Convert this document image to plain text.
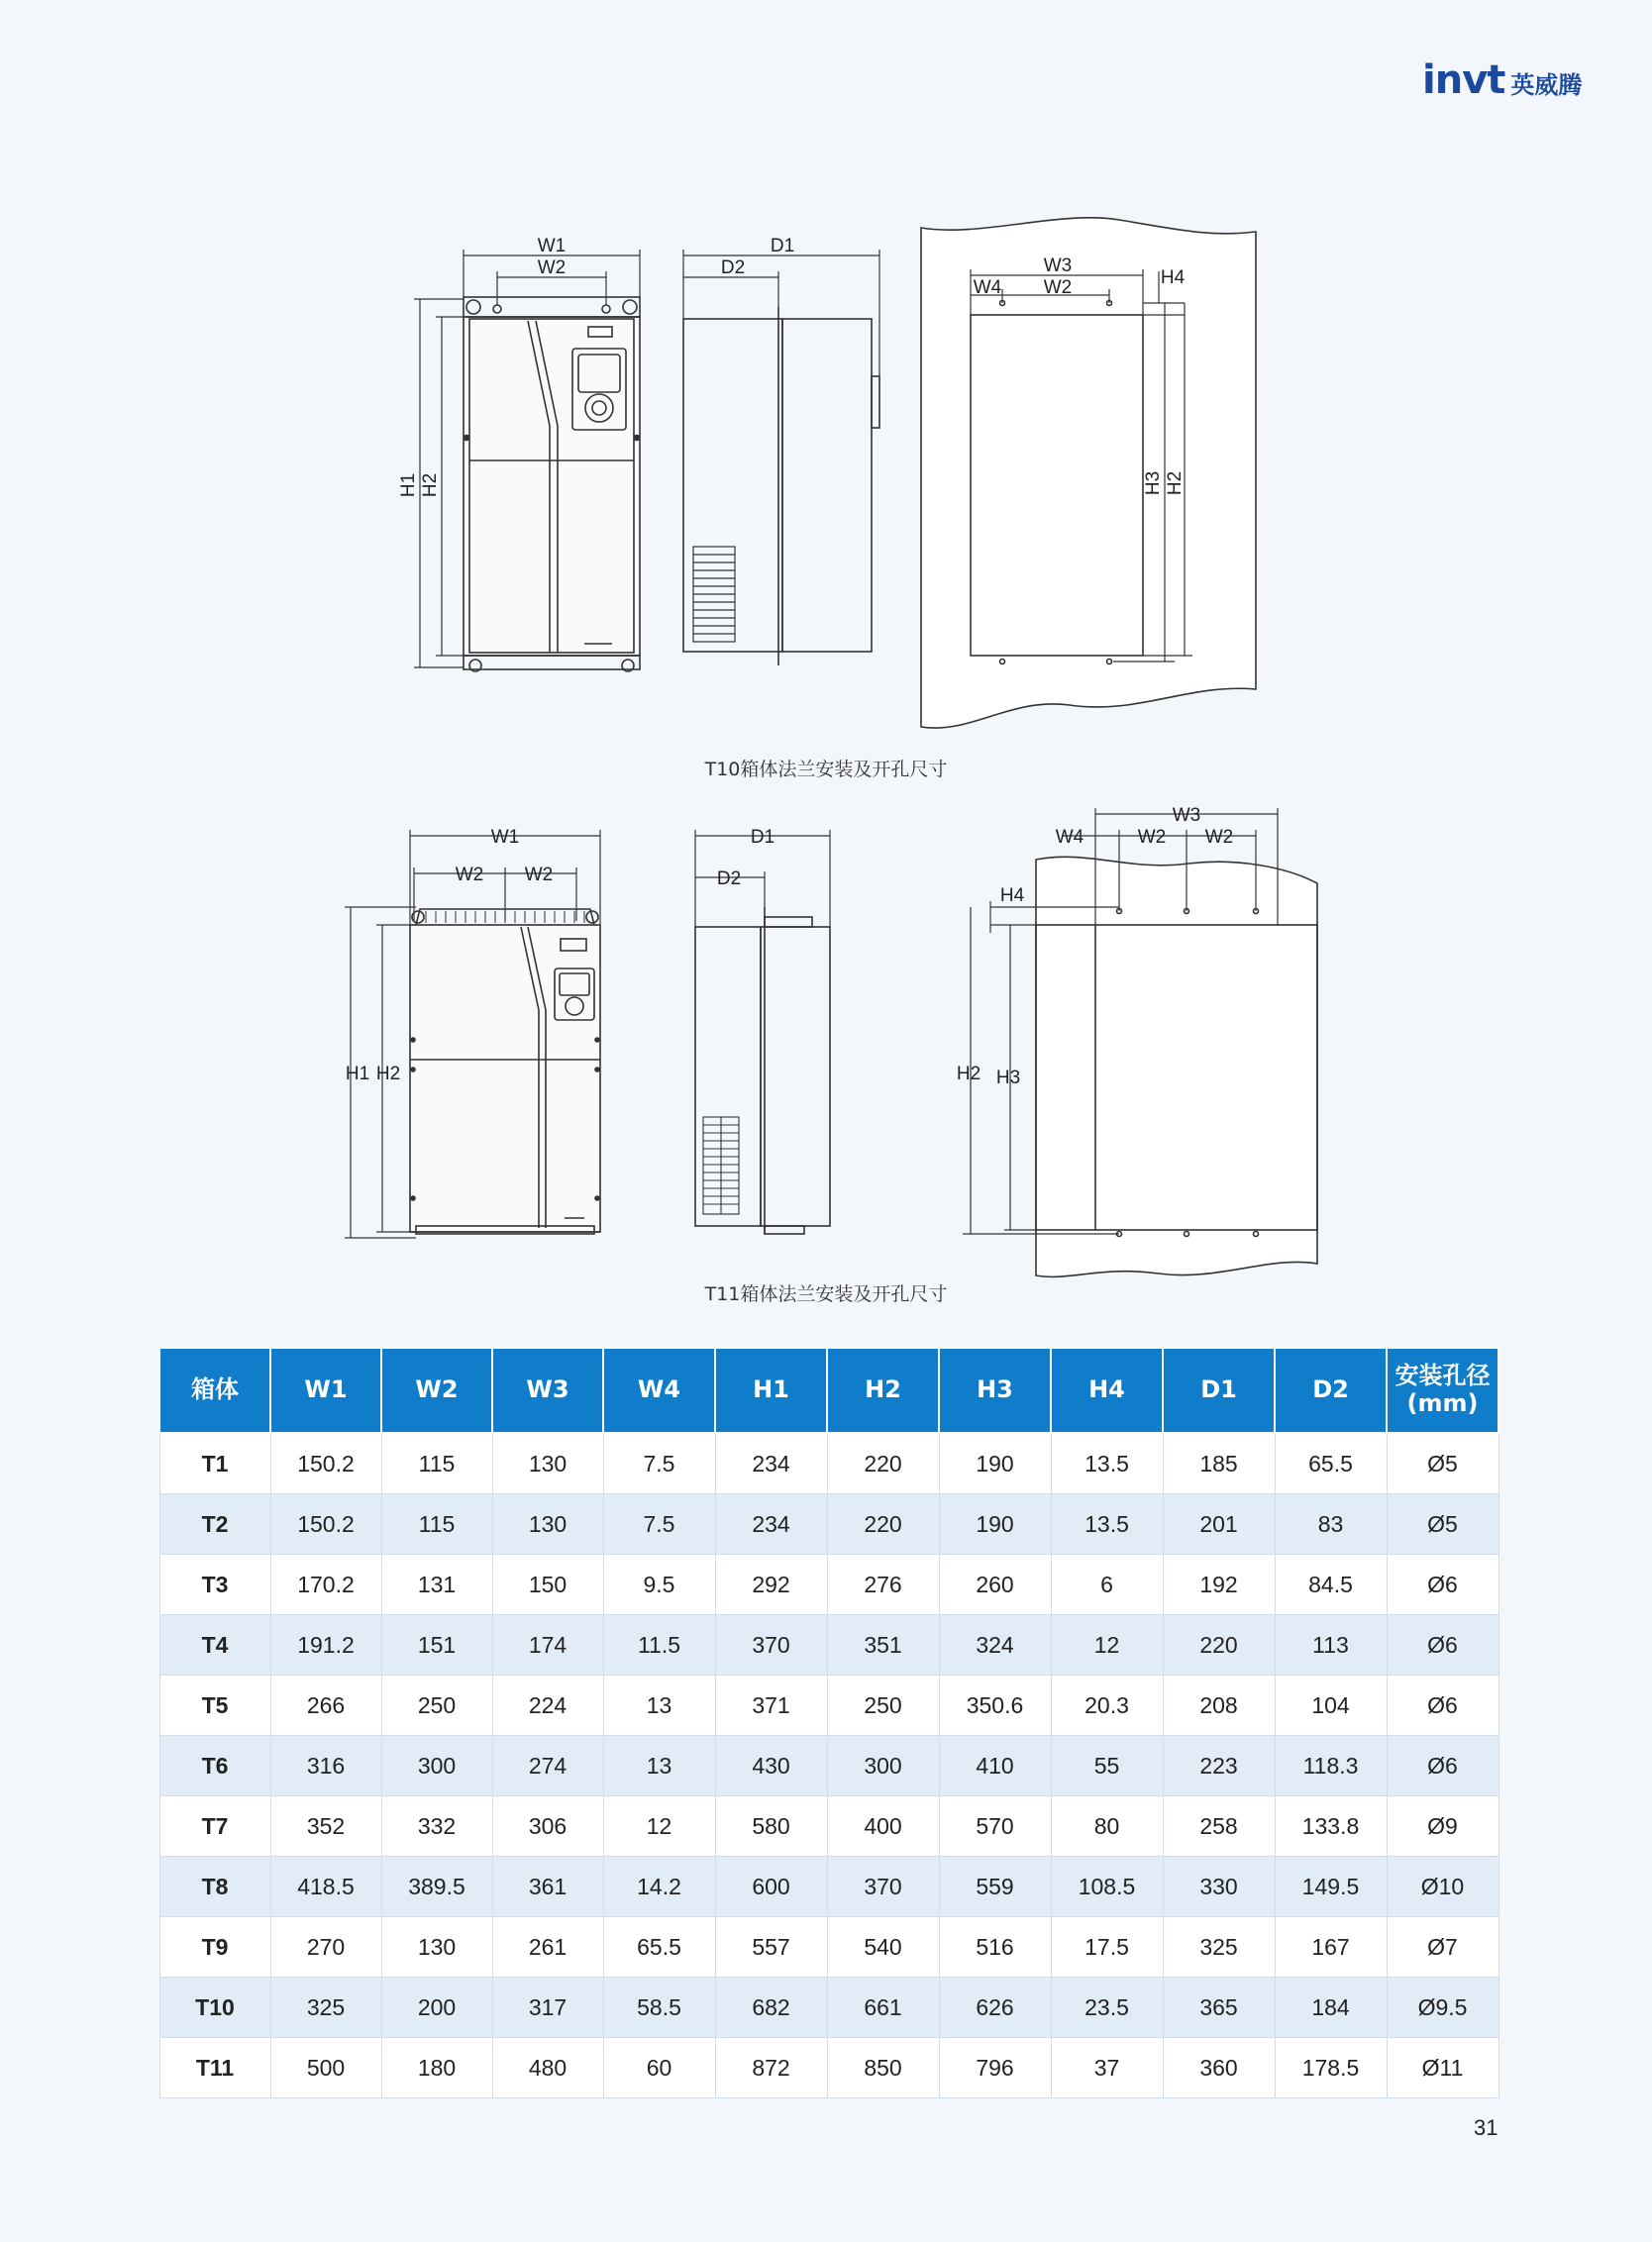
invt 英威腾
W1
W2
H1 H2
D1
D2	W3
W4 W2	H4
H3 H2
W1
W2 W2
H1 H2
D1
D2
W3
W4	W2 W2
H4
H2 H3
T10箱体法兰安装及开孔尺寸
T11箱体法兰安装及开孔尺寸
箱体	W1	W2	W3	W4	H1	H2	H3	H4	D1	D2	安装孔径
(mm)
T1	150.2	115	130	7.5	234	220	190	13.5	185	65.5	Ø5
T2	150.2	115	130	7.5	234	220	190	13.5	201	83	Ø5
T3	170.2	131	150	9.5	292	276	260	6	192	84.5	Ø6
T4	191.2	151	174	11.5	370	351	324	12	220	113	Ø6
T5	266	250	224	13	371	250	350.6	20.3	208	104	Ø6
T6	316	300	274	13	430	300	410	55	223	118.3	Ø6
T7	352	332	306	12	580	400	570	80	258	133.8	Ø9
T8	418.5	389.5	361	14.2	600	370	559	108.5	330	149.5	Ø10
T9	270	130	261	65.5	557	540	516	17.5	325	167	Ø7
T10	325	200	317	58.5	682	661	626	23.5	365	184	Ø9.5
T11	500	180	480	60	872	850	796	37	360	178.5	Ø11
31
